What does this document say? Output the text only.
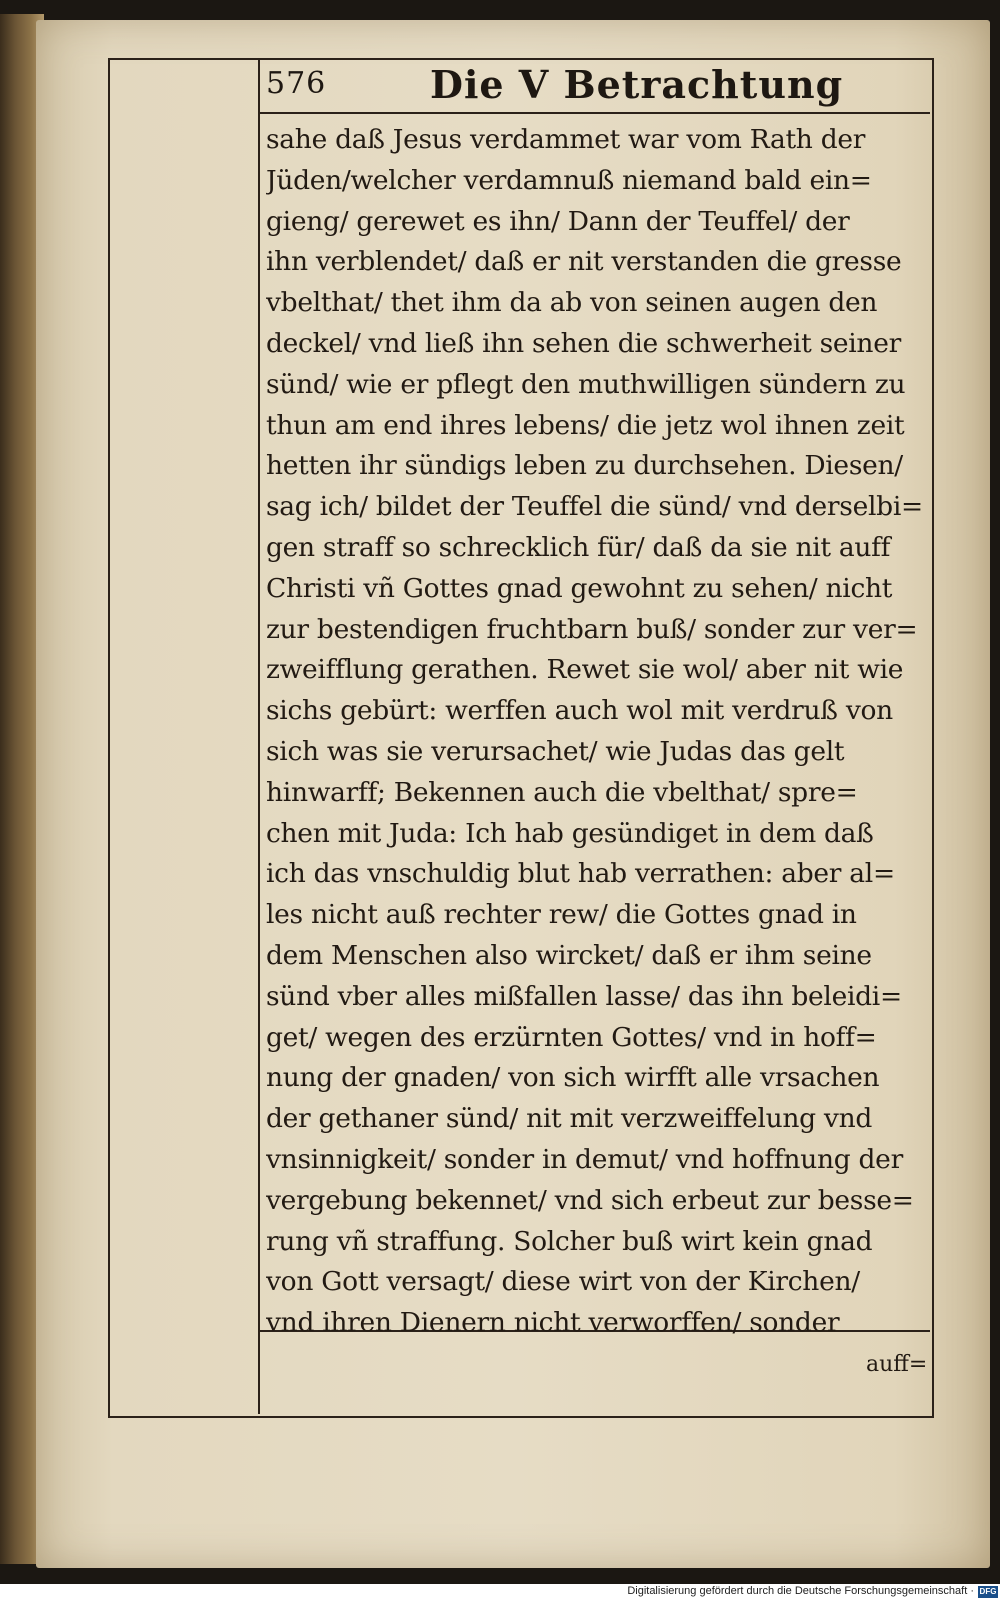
576	Die V Betrachtung
sahe daß Jesus verdammet war vom Rath der
Jüden/welcher verdamnuß niemand bald ein=
gieng/ gerewet es ihn/ Dann der Teuffel/ der
ihn verblendet/ daß er nit verstanden die gresse
vbelthat/ thet ihm da ab von seinen augen den
deckel/ vnd ließ ihn sehen die schwerheit seiner
sünd/ wie er pflegt den muthwilligen sündern zu
thun am end ihres lebens/ die jetz wol ihnen zeit
hetten ihr sündigs leben zu durchsehen. Diesen/
sag ich/ bildet der Teuffel die sünd/ vnd derselbi=
gen straff so schrecklich für/ daß da sie nit auff
Christi vñ Gottes gnad gewohnt zu sehen/ nicht
zur bestendigen fruchtbarn buß/ sonder zur ver=
zweifflung gerathen. Rewet sie wol/ aber nit wie
sichs gebürt: werffen auch wol mit verdruß von
sich was sie verursachet/ wie Judas das gelt
hinwarff; Bekennen auch die vbelthat/ spre=
chen mit Juda: Ich hab gesündiget in dem daß
ich das vnschuldig blut hab verrathen: aber al=
les nicht auß rechter rew/ die Gottes gnad in
dem Menschen also wircket/ daß er ihm seine
sünd vber alles mißfallen lasse/ das ihn beleidi=
get/ wegen des erzürnten Gottes/ vnd in hoff=
nung der gnaden/ von sich wirfft alle vrsachen
der gethaner sünd/ nit mit verzweiffelung vnd
vnsinnigkeit/ sonder in demut/ vnd hoffnung der
vergebung bekennet/ vnd sich erbeut zur besse=
rung vñ straffung. Solcher buß wirt kein gnad
von Gott versagt/ diese wirt von der Kirchen/
vnd ihren Dienern nicht verworffen/ sonder
auff=
Digitalisierung gefördert durch die Deutsche Forschungsgemeinschaft · DFG
